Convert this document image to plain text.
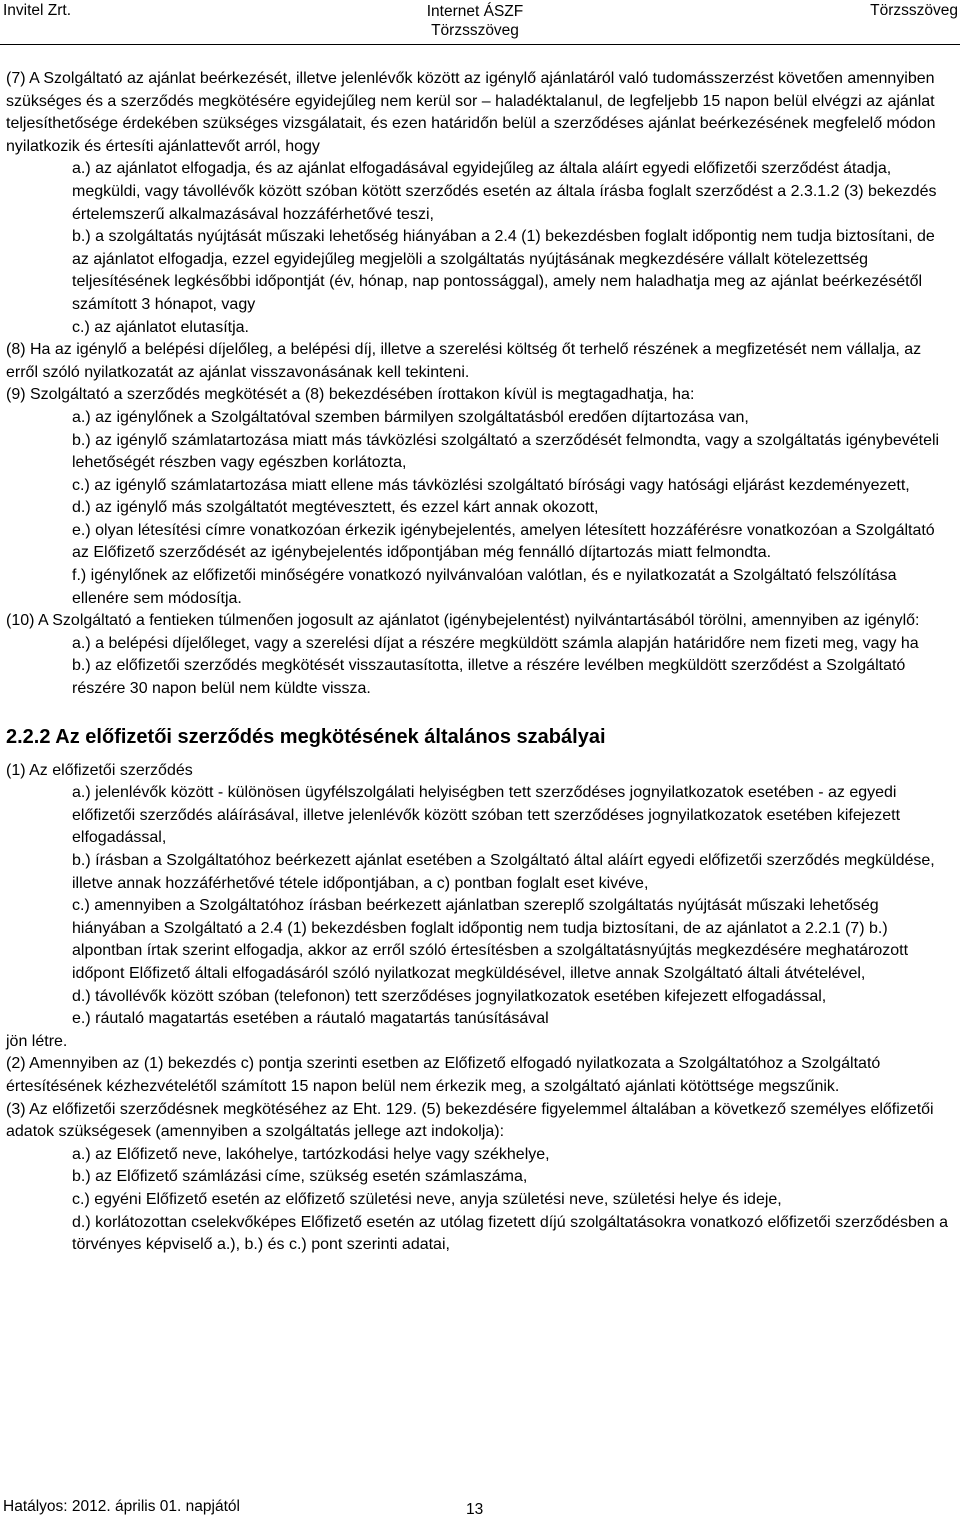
Invitel Zrt.	Internet ÁSZF
Törzsszöveg
Törzsszöveg

(7) A Szolgáltató az ajánlat beérkezését, illetve jelenlévők között az igénylő ajánlatáról való tudomásszerzést követően amennyiben szükséges és a szerződés megkötésére egyidejűleg nem kerül sor – haladéktalanul, de legfeljebb 15 napon belül elvégzi az ajánlat teljesíthetősége érdekében szükséges vizsgálatait, és ezen határidőn belül a szerződéses ajánlat beérkezésének megfelelő módon nyilatkozik és értesíti ajánlattevőt arról, hogy

a.) az ajánlatot elfogadja, és az ajánlat elfogadásával egyidejűleg az általa aláírt egyedi előfizetői szerződést átadja, megküldi, vagy távollévők között szóban kötött szerződés esetén az általa írásba foglalt szerződést a 2.3.1.2 (3) bekezdés értelemszerű alkalmazásával hozzáférhetővé teszi,

b.) a szolgáltatás nyújtását műszaki lehetőség hiányában a 2.4 (1) bekezdésben foglalt időpontig nem tudja biztosítani, de az ajánlatot elfogadja, ezzel egyidejűleg megjelöli a szolgáltatás nyújtásának megkezdésére vállalt kötelezettség teljesítésének legkésőbbi időpontját (év, hónap, nap pontossággal), amely nem haladhatja meg az ajánlat beérkezésétől számított 3 hónapot, vagy

c.) az ajánlatot elutasítja.

(8) Ha az igénylő a belépési díjelőleg, a belépési díj, illetve a szerelési költség őt terhelő részének a megfizetését nem vállalja, az erről szóló nyilatkozatát az ajánlat visszavonásának kell tekinteni.

(9) Szolgáltató a szerződés megkötését a (8) bekezdésében írottakon kívül is megtagadhatja, ha:

a.) az igénylőnek a Szolgáltatóval szemben bármilyen szolgáltatásból eredően díjtartozása van,

b.) az igénylő számlatartozása miatt más távközlési szolgáltató a szerződését felmondta, vagy a szolgáltatás igénybevételi lehetőségét részben vagy egészben korlátozta,

c.) az igénylő számlatartozása miatt ellene más távközlési szolgáltató bírósági vagy hatósági eljárást kezdeményezett,

d.) az igénylő más szolgáltatót megtévesztett, és ezzel kárt annak okozott,

e.) olyan létesítési címre vonatkozóan érkezik igénybejelentés, amelyen létesített hozzáférésre vonatkozóan a Szolgáltató az Előfizető szerződését az igénybejelentés időpontjában még fennálló díjtartozás miatt felmondta.

f.) igénylőnek az előfizetői minőségére vonatkozó nyilvánvalóan valótlan, és e nyilatkozatát a Szolgáltató felszólítása ellenére sem módosítja.

(10) A Szolgáltató a fentieken túlmenően jogosult az ajánlatot (igénybejelentést) nyilvántartásából törölni, amennyiben az igénylő:

a.) a belépési díjelőleget, vagy a szerelési díjat a részére megküldött számla alapján határidőre nem fizeti meg, vagy ha

b.) az előfizetői szerződés megkötését visszautasította, illetve a részére levélben megküldött szerződést a Szolgáltató részére 30 napon belül nem küldte vissza.

2.2.2 Az előfizetői szerződés megkötésének általános szabályai

(1) Az előfizetői szerződés

a.) jelenlévők között - különösen ügyfélszolgálati helyiségben tett szerződéses jognyilatkozatok esetében - az egyedi előfizetői szerződés aláírásával, illetve jelenlévők között szóban tett szerződéses jognyilatkozatok esetében kifejezett elfogadással,

b.) írásban a Szolgáltatóhoz beérkezett ajánlat esetében a Szolgáltató által aláírt egyedi előfizetői szerződés megküldése, illetve annak hozzáférhetővé tétele időpontjában, a c) pontban foglalt eset kivéve,

c.) amennyiben a Szolgáltatóhoz írásban beérkezett ajánlatban szereplő szolgáltatás nyújtását műszaki lehetőség hiányában a Szolgáltató a 2.4 (1) bekezdésben foglalt időpontig nem tudja biztosítani, de az ajánlatot a 2.2.1 (7) b.) alpontban írtak szerint elfogadja, akkor az erről szóló értesítésben a szolgáltatásnyújtás megkezdésére meghatározott időpont Előfizető általi elfogadásáról szóló nyilatkozat megküldésével, illetve annak Szolgáltató általi átvételével,

d.) távollévők között szóban (telefonon) tett szerződéses jognyilatkozatok esetében kifejezett elfogadással,

e.) ráutaló magatartás esetében a ráutaló magatartás tanúsításával

jön létre.

(2) Amennyiben az (1) bekezdés c) pontja szerinti esetben az Előfizető elfogadó nyilatkozata a Szolgáltatóhoz a Szolgáltató értesítésének kézhezvételétől számított 15 napon belül nem érkezik meg, a szolgáltató ajánlati kötöttsége megszűnik.

(3) Az előfizetői szerződésnek megkötéséhez az Eht. 129. (5) bekezdésére figyelemmel általában a következő személyes előfizetői adatok szükségesek (amennyiben a szolgáltatás jellege azt indokolja):

a.) az Előfizető neve, lakóhelye, tartózkodási helye vagy székhelye,

b.) az Előfizető számlázási címe, szükség esetén számlaszáma,

c.) egyéni Előfizető esetén az előfizető születési neve, anyja születési neve, születési helye és ideje,

d.) korlátozottan cselekvőképes Előfizető esetén az utólag fizetett díjú szolgáltatásokra vonatkozó előfizetői szerződésben a törvényes képviselő a.), b.) és c.) pont szerinti adatai,

Hatályos: 2012. április 01. napjától	13
